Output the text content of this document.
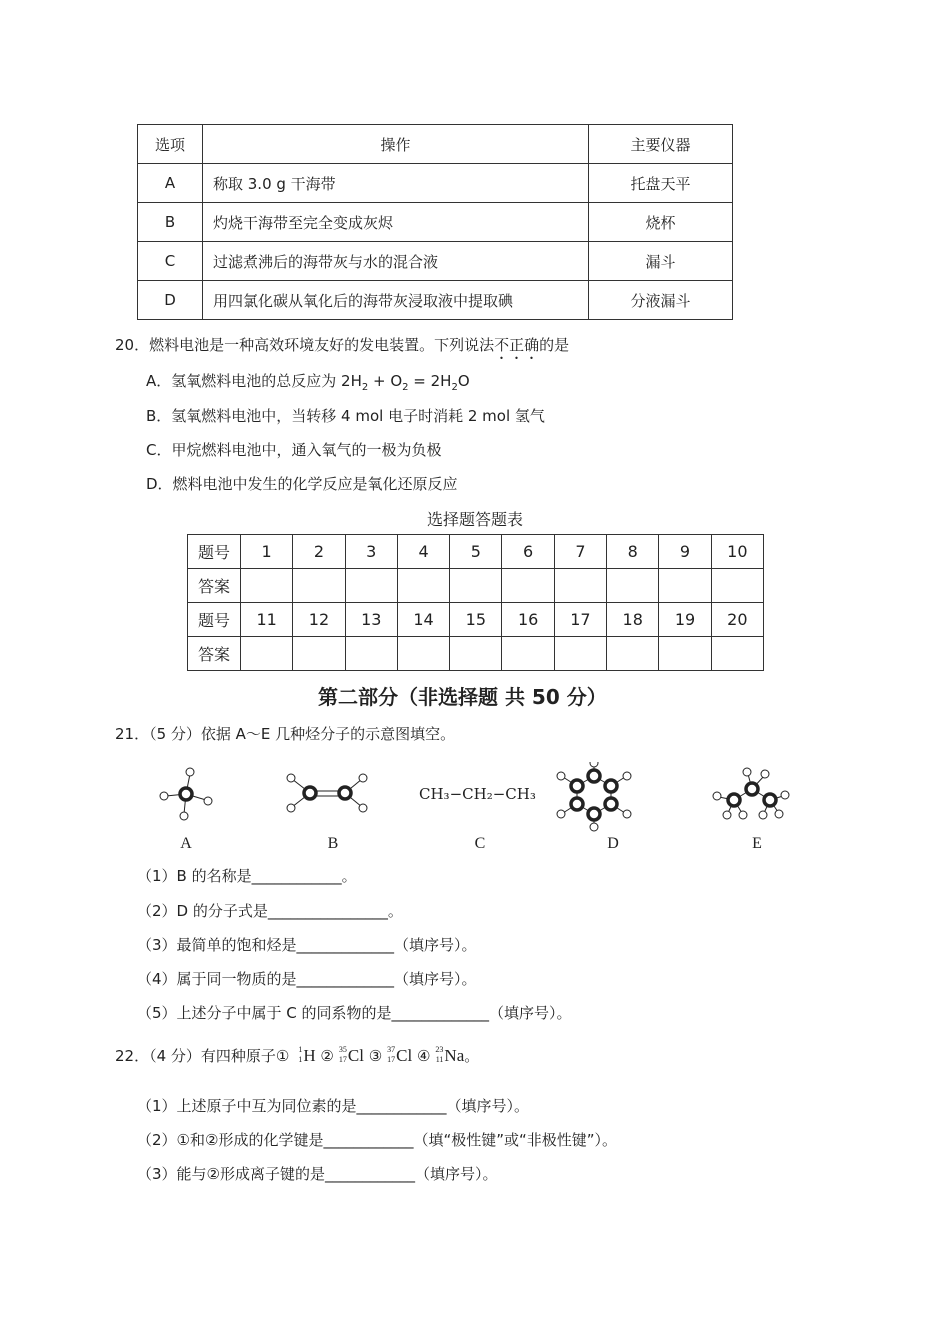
选项	操作	主要仪器
A	称取 3.0 g 干海带	托盘天平
B	灼烧干海带至完全变成灰烬	烧杯
C	过滤煮沸后的海带灰与水的混合液	漏斗
D	用四氯化碳从氧化后的海带灰浸取液中提取碘	分液漏斗
20．燃料电池是一种高效环境友好的发电装置。下列说法不正确的是
A．氢氧燃料电池的总反应为 $2H_2 + O_2 = 2H_2O$
B．氢氧燃料电池中，当转移 4 mol 电子时消耗 2 mol 氢气
C．甲烷燃料电池中，通入氧气的一极为负极
D．燃料电池中发生的化学反应是氧化还原反应
选择题答题表
题号	1	2	3	4	5	6	7	8	9	10
答案										
题号	11	12	13	14	15	16	17	18	19	20
答案										
第二部分（非选择题 共 50 分）
21．（5 分）依据 A～E 几种烃分子的示意图填空。
CH₃−CH₂−CH₃
A	B	C	D	E
（1）B 的名称是____________。
（2）D 的分子式是________________。
（3）最简单的饱和烃是_____________（填序号）。
（4）属于同一物质的是_____________（填序号）。
（5）上述分子中属于 C 的同系物的是_____________（填序号）。
22．（4 分）有四种原子①	1
1 H ② 35
17 Cl ③ 37
17 Cl ④ 23
11 Na。
（1）上述原子中互为同位素的是____________（填序号）。
（2）①和②形成的化学键是____________（填“极性键”或“非极性键”）。
（3）能与②形成离子键的是____________（填序号）。
